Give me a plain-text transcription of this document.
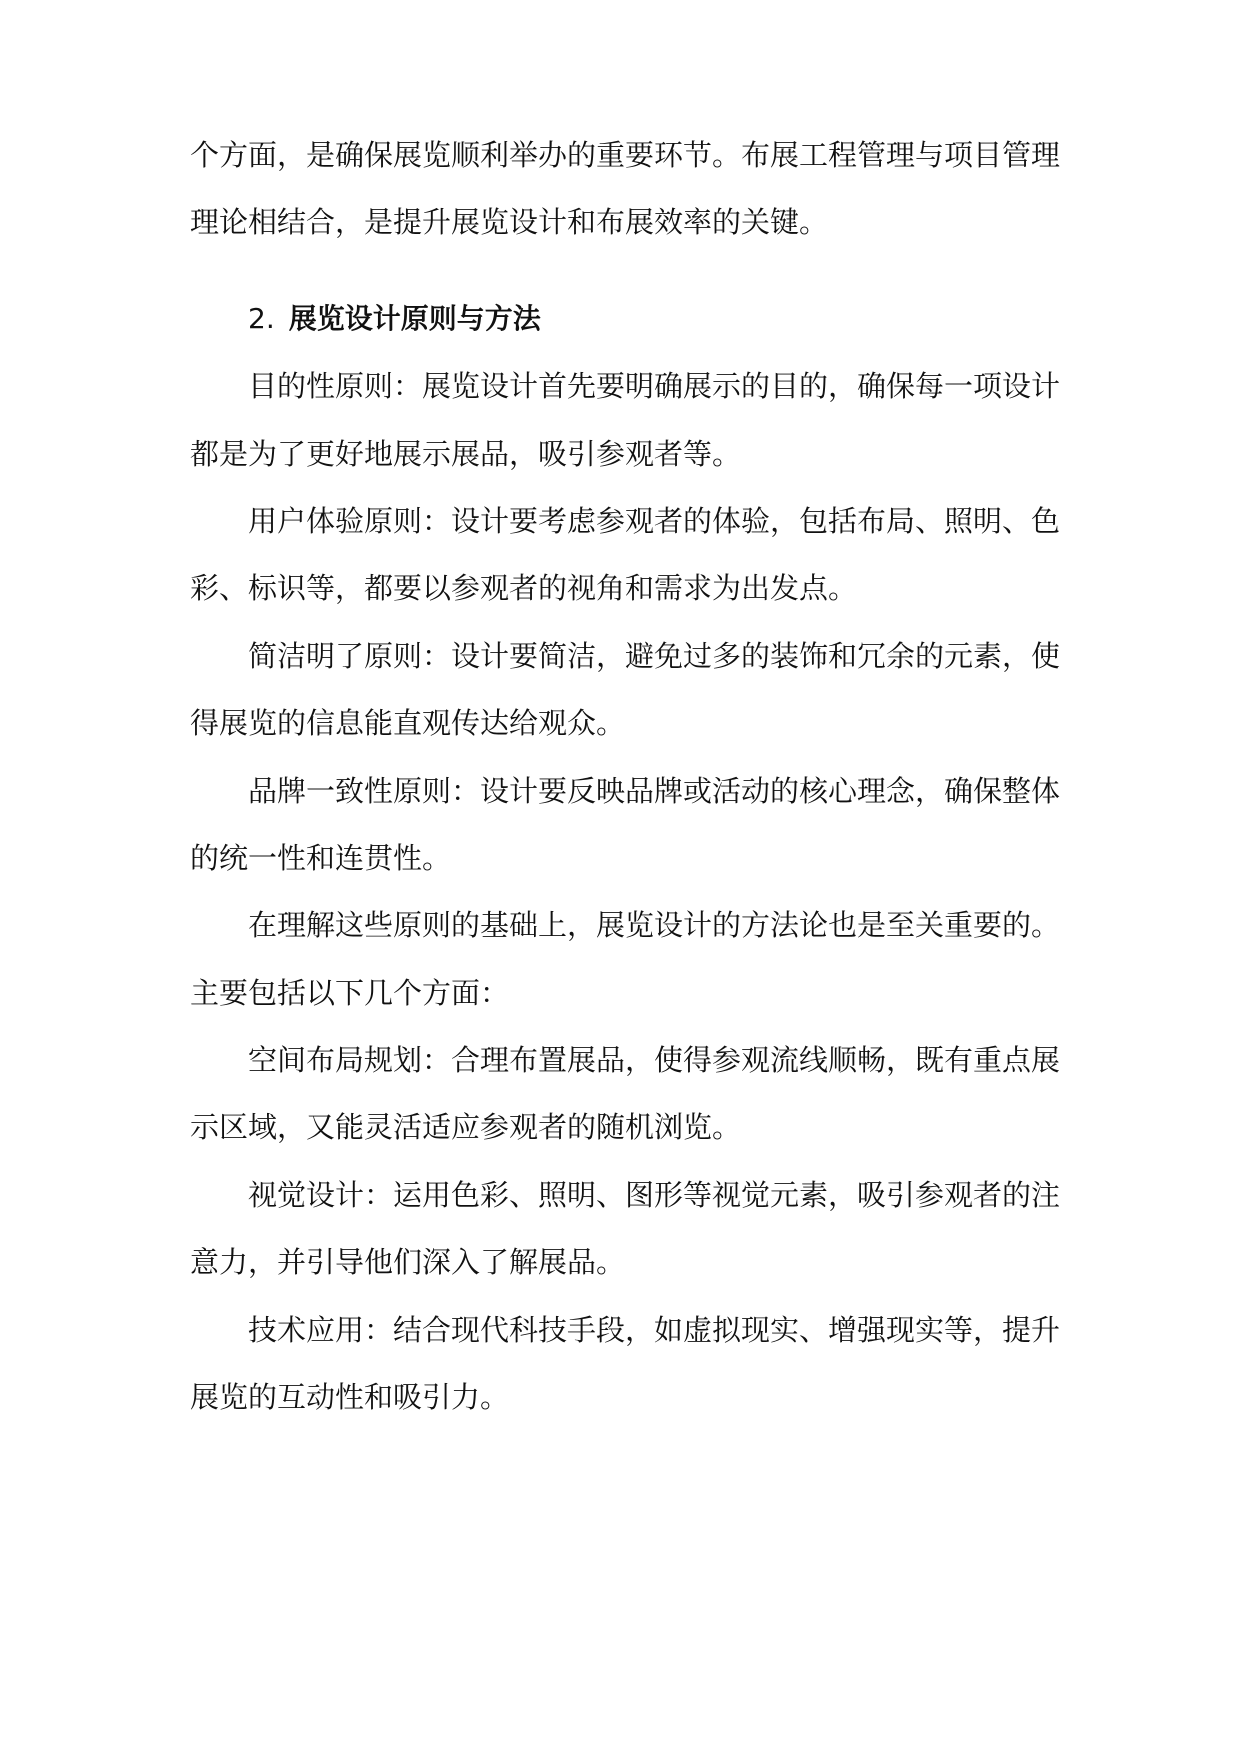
个方面，是确保展览顺利举办的重要环节。布展工程管理与项目管理

理论相结合，是提升展览设计和布展效率的关键。

2. 展览设计原则与方法

目的性原则：展览设计首先要明确展示的目的，确保每一项设计

都是为了更好地展示展品，吸引参观者等。

用户体验原则：设计要考虑参观者的体验，包括布局、照明、色

彩、标识等，都要以参观者的视角和需求为出发点。

简洁明了原则：设计要简洁，避免过多的装饰和冗余的元素，使

得展览的信息能直观传达给观众。

品牌一致性原则：设计要反映品牌或活动的核心理念，确保整体

的统一性和连贯性。

在理解这些原则的基础上，展览设计的方法论也是至关重要的。

主要包括以下几个方面：

空间布局规划：合理布置展品，使得参观流线顺畅，既有重点展

示区域，又能灵活适应参观者的随机浏览。

视觉设计：运用色彩、照明、图形等视觉元素，吸引参观者的注

意力，并引导他们深入了解展品。

技术应用：结合现代科技手段，如虚拟现实、增强现实等，提升

展览的互动性和吸引力。
